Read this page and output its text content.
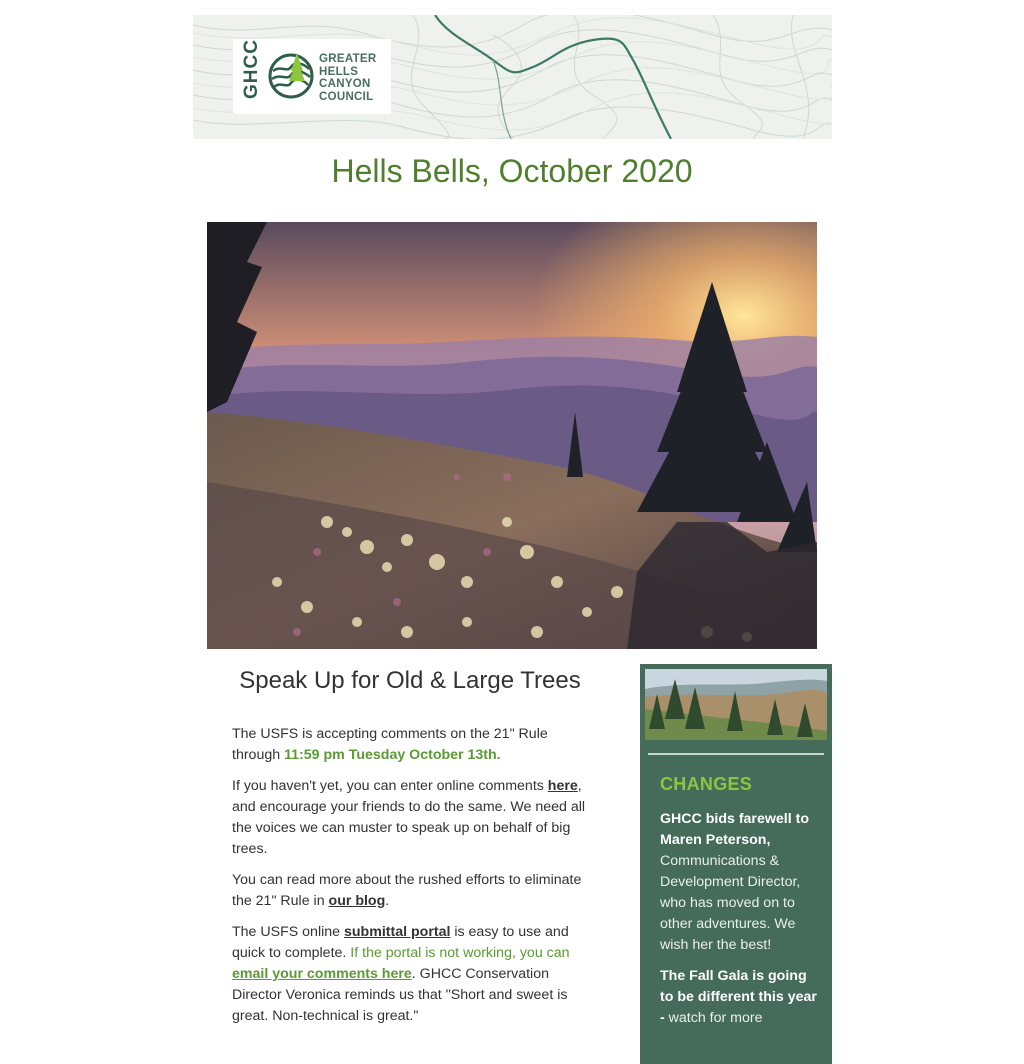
GHCC	GREATER
HELLS
CANYON
COUNCIL
Hells Bells, October 2020
Speak Up for Old & Large Trees

The USFS is accepting comments on the 21" Rule through 11:59 pm Tuesday October 13th.

If you haven't yet, you can enter online comments here, and encourage your friends to do the same. We need all the voices we can muster to speak up on behalf of big trees.

You can read more about the rushed efforts to eliminate the 21" Rule in our blog.

The USFS online submittal portal is easy to use and quick to complete. If the portal is not working, you can email your comments here. GHCC Conservation Director Veronica reminds us that "Short and sweet is great. Non-technical is great."

CHANGES

GHCC bids farewell to Maren Peterson, Communications & Development Director, who has moved on to other adventures. We wish her the best!

The Fall Gala is going to be different this year - watch for more
